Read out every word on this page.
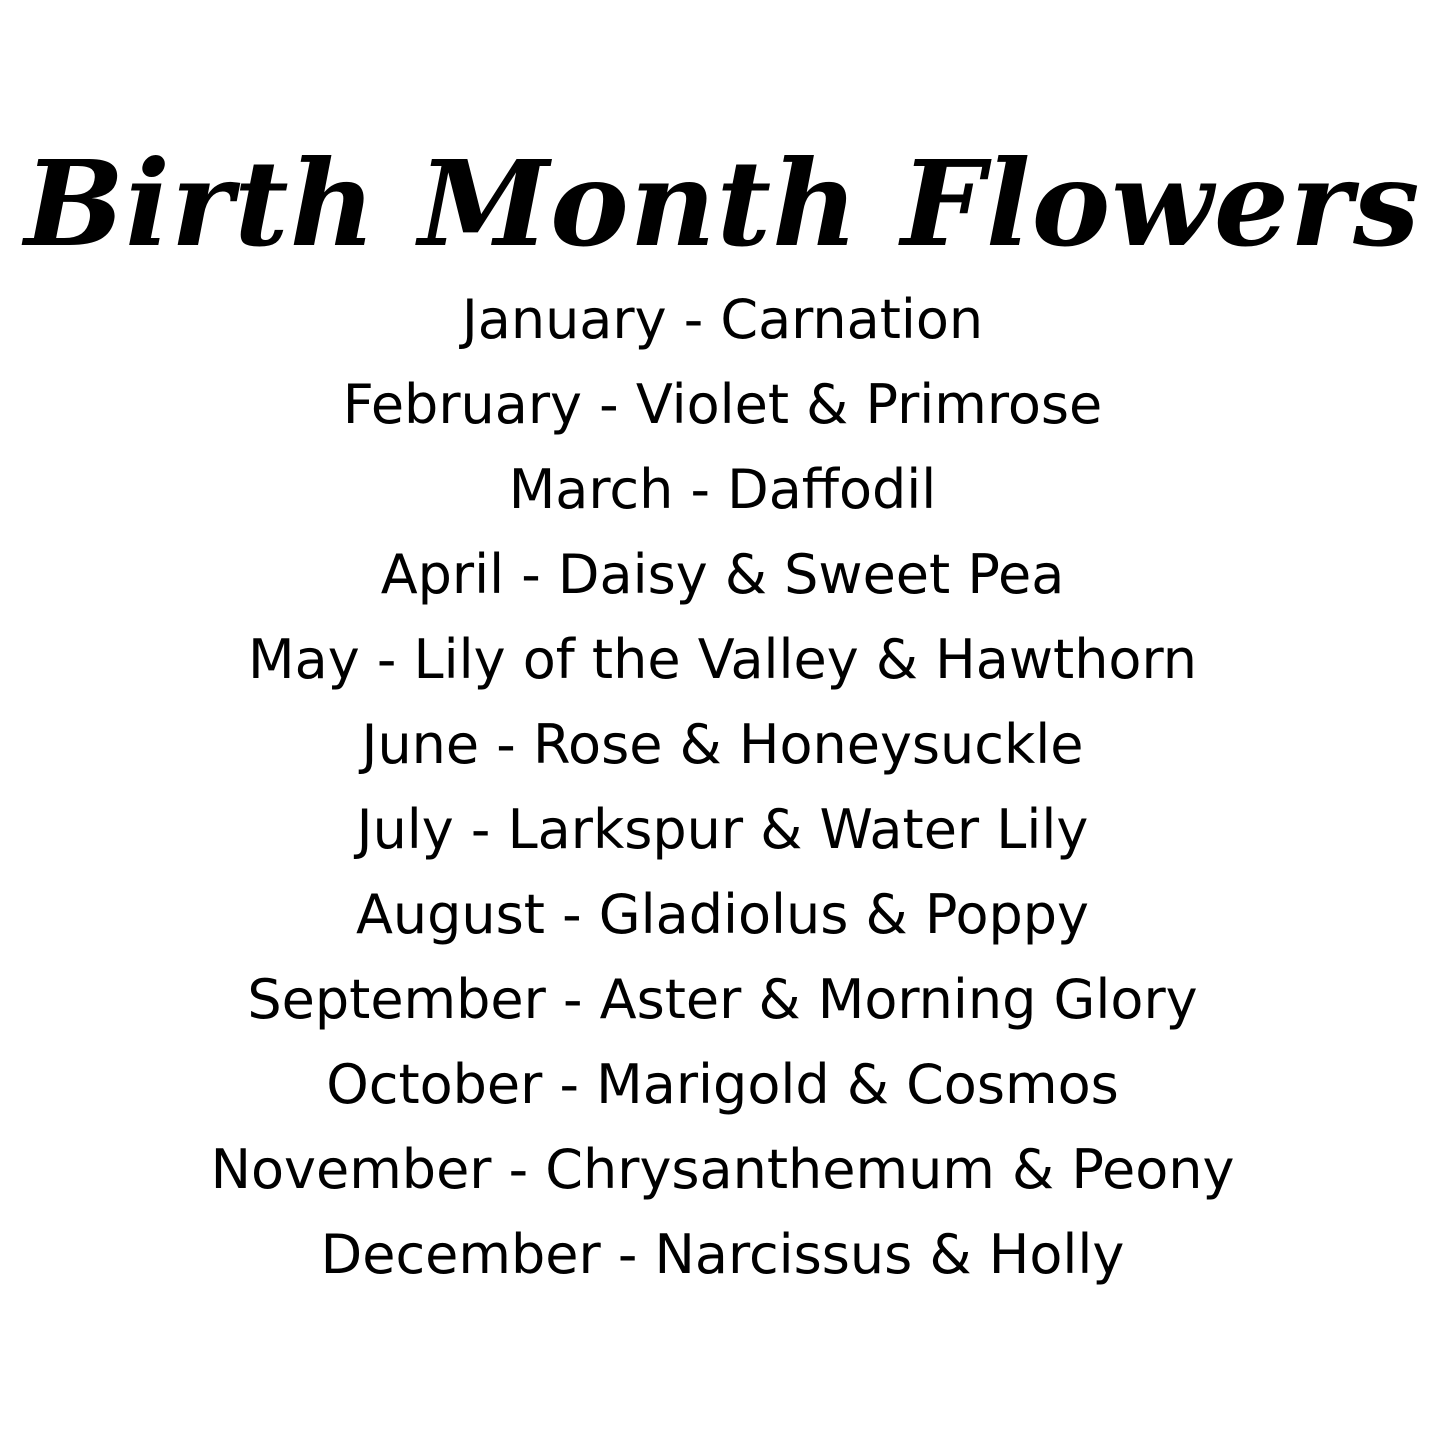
Birth Month Flowers
January - Carnation
February - Violet & Primrose
March - Daffodil
April - Daisy & Sweet Pea
May - Lily of the Valley & Hawthorn
June - Rose & Honeysuckle
July - Larkspur & Water Lily
August - Gladiolus & Poppy
September - Aster & Morning Glory
October - Marigold & Cosmos
November - Chrysanthemum & Peony
December - Narcissus & Holly
